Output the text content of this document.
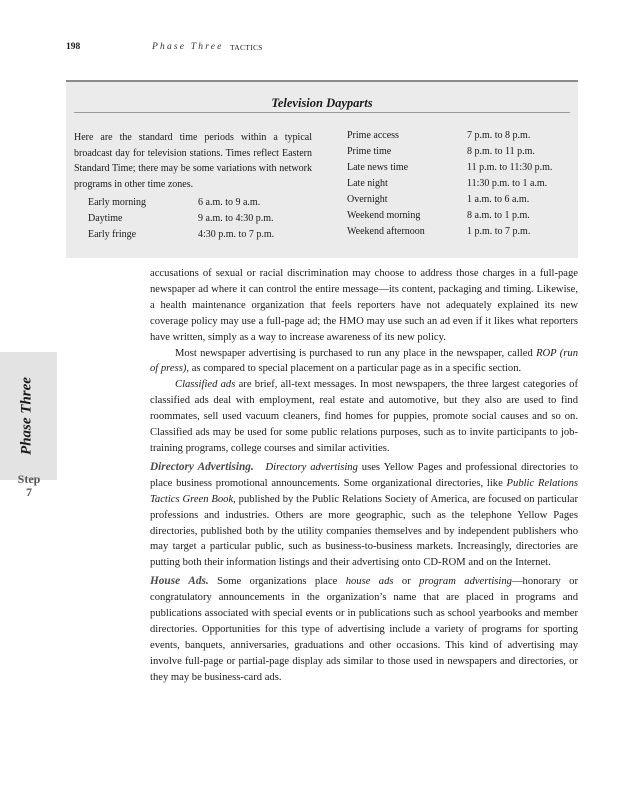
198	Phase Three TACTICS
Television Dayparts
Here are the standard time periods within a typical broadcast day for television stations. Times reflect Eastern Standard Time; there may be some variations with network programs in other time zones.
Early morning	6 a.m. to 9 a.m.
Daytime	9 a.m. to 4:30 p.m.
Early fringe	4:30 p.m. to 7 p.m.
Prime access	7 p.m. to 8 p.m.
Prime time	8 p.m. to 11 p.m.
Late news time	11 p.m. to 11:30 p.m.
Late night	11:30 p.m. to 1 a.m.
Overnight	1 a.m. to 6 a.m.
Weekend morning	8 a.m. to 1 p.m.
Weekend afternoon	1 p.m. to 7 p.m.
Phase Three
Step
7

accusations of sexual or racial discrimination may choose to address those charges in a full-page newspaper ad where it can control the entire message—its content, packaging and timing. Likewise, a health maintenance organization that feels reporters have not adequately explained its new coverage policy may use a full-page ad; the HMO may use such an ad even if it likes what reporters have written, simply as a way to increase awareness of its new policy.

Most newspaper advertising is purchased to run any place in the newspaper, called ROP (run of press), as compared to special placement on a particular page as in a specific section.

Classified ads are brief, all-text messages. In most newspapers, the three largest categories of classified ads deal with employment, real estate and automotive, but they also are used to find roommates, sell used vacuum cleaners, find homes for puppies, promote social causes and so on. Classified ads may be used for some public relations purposes, such as to invite participants to job-training programs, college courses and similar activities.

Directory Advertising. Directory advertising uses Yellow Pages and professional directories to place business promotional announcements. Some organizational directories, like Public Relations Tactics Green Book, published by the Public Relations Society of America, are focused on particular professions and industries. Others are more geographic, such as the telephone Yellow Pages directories, published both by the utility companies themselves and by independent publishers who may target a particular public, such as business-to-business markets. Increasingly, directories are putting both their information listings and their advertising onto CD-ROM and on the Internet.

House Ads. Some organizations place house ads or program advertising—honorary or congratulatory announcements in the organization’s name that are placed in programs and publications associated with special events or in publications such as school yearbooks and member directories. Opportunities for this type of advertising include a variety of programs for sporting events, banquets, anniversaries, graduations and other occasions. This kind of advertising may involve full-page or partial-page display ads similar to those used in newspapers and directories, or they may be business-card ads.
